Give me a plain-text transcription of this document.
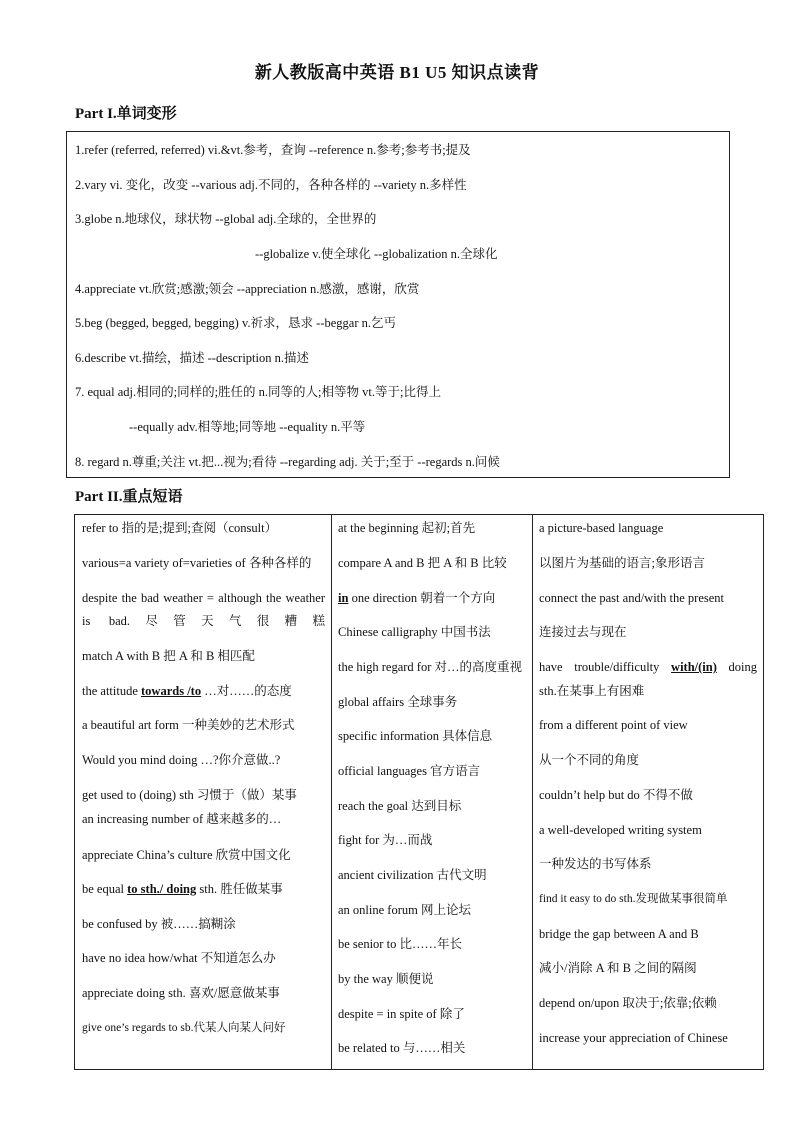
新人教版高中英语 B1 U5 知识点读背
Part I.单词变形
1.refer (referred, referred) vi.&vt.参考，查询 --reference n.参考;参考书;提及
2.vary vi. 变化，改变 --various adj.不同的，各种各样的 --variety n.多样性
3.globe n.地球仪，球状物 --global adj.全球的，全世界的
--globalize v.使全球化 --globalization n.全球化
4.appreciate vt.欣赏;感激;领会 --appreciation n.感激，感谢，欣赏
5.beg (begged, begged, begging) v.祈求，恳求 --beggar n.乞丐
6.describe vt.描绘，描述 --description n.描述
7. equal adj.相同的;同样的;胜任的 n.同等的人;相等物 vt.等于;比得上
--equally adv.相等地;同等地 --equality n.平等
8. regard n.尊重;关注 vt.把...视为;看待 --regarding adj. 关于;至于 --regards n.问候
Part II.重点短语
refer to 指的是;提到;查阅（consult）
various=a variety of=varieties of 各种各样的
despite the bad weather = although the weather is bad.尽管天气很糟糕
match A with B 把 A 和 B 相匹配
the attitude towards /to …对……的态度
a beautiful art form 一种美妙的艺术形式
Would you mind doing …?你介意做..?
get used to (doing) sth 习惯于（做）某事
an increasing number of 越来越多的…
appreciate China’s culture 欣赏中国文化
be equal to sth./ doing sth. 胜任做某事
be confused by 被……搞糊涂
have no idea how/what 不知道怎么办
appreciate doing sth. 喜欢/愿意做某事
give one’s regards to sb.代某人向某人问好
at the beginning 起初;首先
compare A and B 把 A 和 B 比较
in one direction 朝着一个方向
Chinese calligraphy 中国书法
the high regard for 对…的高度重视
global affairs 全球事务
specific information 具体信息
official languages 官方语言
reach the goal 达到目标
fight for 为…而战
ancient civilization 古代文明
an online forum 网上论坛
be senior to 比……年长
by the way 顺便说
despite = in spite of 除了
be related to 与……相关
a picture-based language
以图片为基础的语言;象形语言
connect the past and/with the present
连接过去与现在
have trouble/difficulty with/(in) doing
sth.在某事上有困难
from a different point of view
从一个不同的角度
couldn’t help but do 不得不做
a well-developed writing system
一种发达的书写体系
find it easy to do sth.发现做某事很简单
bridge the gap between A and B
减小/消除 A 和 B 之间的隔阂
depend on/upon 取决于;依靠;依赖
increase your appreciation of Chinese
